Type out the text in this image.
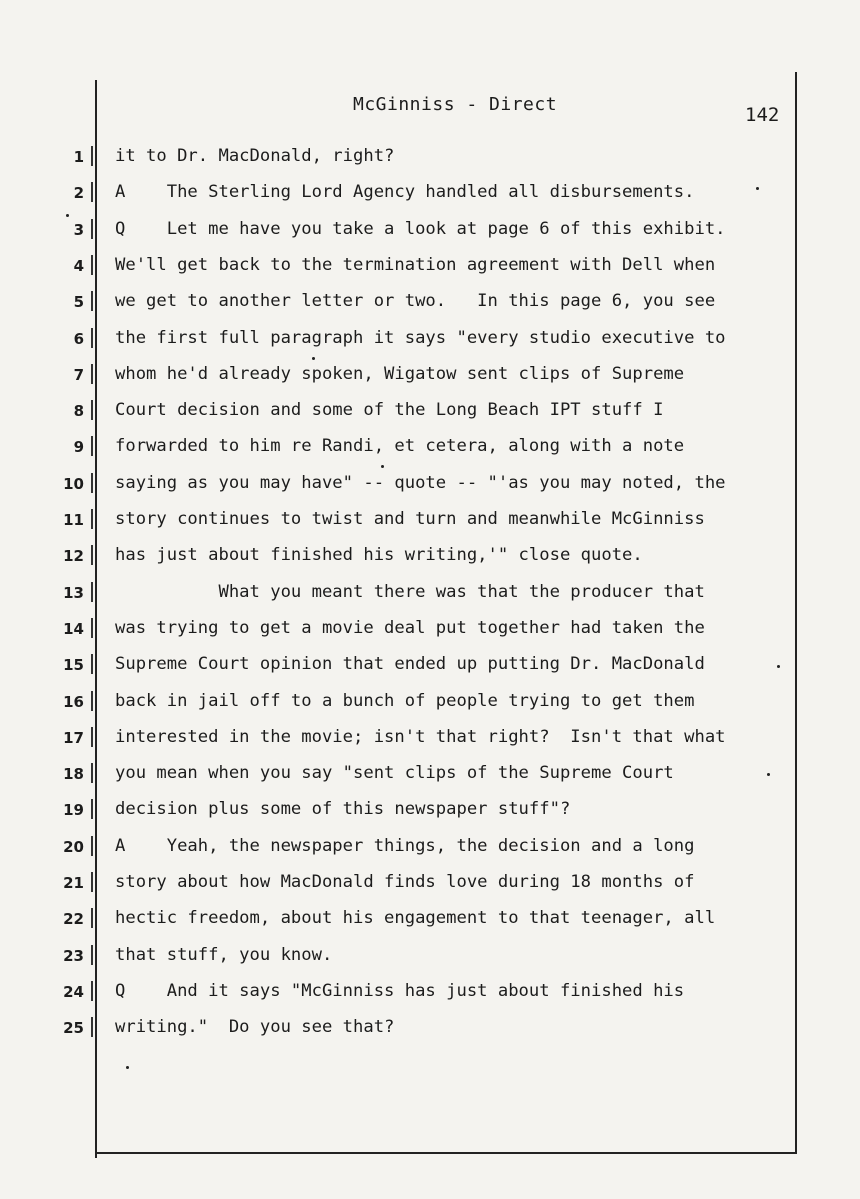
McGinniss - Direct	142
1 it to Dr. MacDonald, right?
2 A    The Sterling Lord Agency handled all disbursements.
3 Q    Let me have you take a look at page 6 of this exhibit.
4 We'll get back to the termination agreement with Dell when
5 we get to another letter or two.   In this page 6, you see
6 the first full paragraph it says "every studio executive to
7 whom he'd already spoken, Wigatow sent clips of Supreme
8 Court decision and some of the Long Beach IPT stuff I
9 forwarded to him re Randi, et cetera, along with a note
10 saying as you may have" -- quote -- "'as you may noted, the
11 story continues to twist and turn and meanwhile McGinniss
12 has just about finished his writing,'" close quote.
13 What you meant there was that the producer that
14 was trying to get a movie deal put together had taken the
15 Supreme Court opinion that ended up putting Dr. MacDonald
16 back in jail off to a bunch of people trying to get them
17 interested in the movie; isn't that right?  Isn't that what
18 you mean when you say "sent clips of the Supreme Court
19 decision plus some of this newspaper stuff"?
20 A    Yeah, the newspaper things, the decision and a long
21 story about how MacDonald finds love during 18 months of
22 hectic freedom, about his engagement to that teenager, all
23 that stuff, you know.
24 Q    And it says "McGinniss has just about finished his
25 writing."  Do you see that?
